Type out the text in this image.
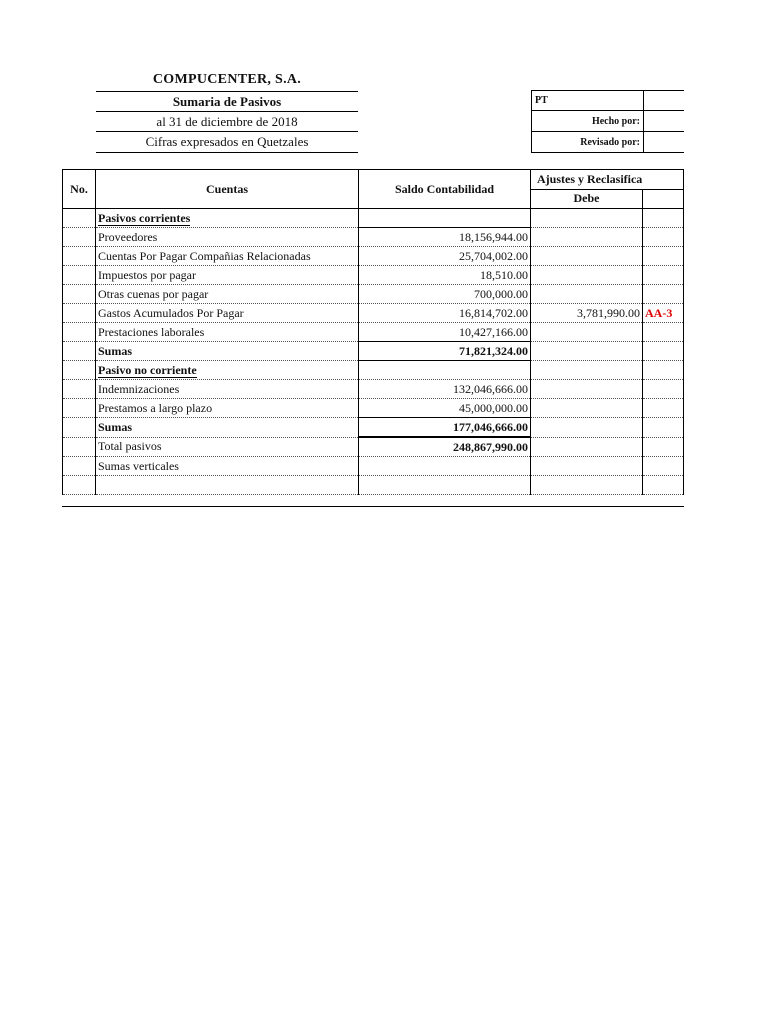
COMPUCENTER, S.A.
Sumaria de Pasivos
al 31 de diciembre de 2018
Cifras expresados en Quetzales
PT
Hecho por:
Revisado por:
No.	Cuentas	Saldo Contabilidad	Ajustes y Reclasifica	
			Debe	
	Pasivos corrientes			
	Proveedores	18,156,944.00		
	Cuentas Por Pagar Compañias Relacionadas	25,704,002.00		
	Impuestos por pagar	18,510.00		
	Otras cuenas por pagar	700,000.00		
	Gastos Acumulados Por Pagar	16,814,702.00	3,781,990.00	AA-3
	Prestaciones laborales	10,427,166.00		
	Sumas	71,821,324.00		
	Pasivo no corriente			
	Indemnizaciones	132,046,666.00		
	Prestamos a largo plazo	45,000,000.00		
	Sumas	177,046,666.00		
	Total pasivos	248,867,990.00		
	Sumas verticales			
